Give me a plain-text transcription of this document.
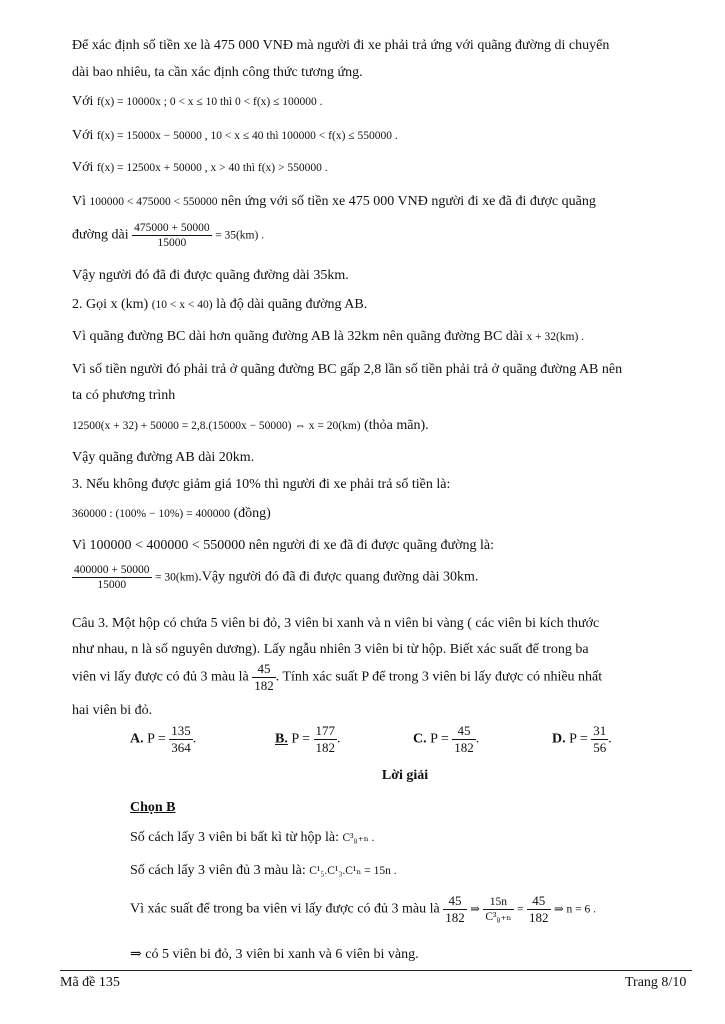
Để xác định số tiền xe là 475 000 VNĐ mà người đi xe phải trả ứng với quãng đường di chuyển
dài bao nhiêu, ta cần xác định công thức tương ứng.
Với f(x) = 10000x ; 0 < x ≤ 10 thì 0 < f(x) ≤ 100000 .
Với f(x) = 15000x − 50000 , 10 < x ≤ 40 thì 100000 < f(x) ≤ 550000 .
Với f(x) = 12500x + 50000 , x > 40 thì f(x) > 550000 .
Vì 100000 < 475000 < 550000 nên ứng với số tiền xe 475 000 VNĐ người đi xe đã đi được quãng
đường dài $\frac{475000 + 50000}{15000} = 35(km)$ .
Vậy người đó đã đi được quãng đường dài 35km.
2. Gọi x (km) (10 < x < 40) là độ dài quãng đường AB.
Vì quãng đường BC dài hơn quãng đường AB là 32km nên quãng đường BC dài x + 32(km) .
Vì số tiền người đó phải trả ở quãng đường BC gấp 2,8 lần số tiền phải trả ở quãng đường AB nên
ta có phương trình
12500(x + 32) + 50000 = 2,8.(15000x − 50000) ⇔ x = 20(km) (thỏa mãn).
Vậy quãng đường AB dài 20km.
3. Nếu không được giảm giá 10% thì người đi xe phải trả số tiền là:
360000 : (100% − 10%) = 400000 (đồng)
Vì 100000 < 400000 < 550000 nên người đi xe đã đi được quãng đường là:
$\frac{400000 + 50000}{15000}$ = 30(km).Vậy người đó đã đi được quang đường dài 30km.
Câu 3. Một hộp có chứa 5 viên bi đỏ, 3 viên bi xanh và n viên bi vàng ( các viên bi kích thước
như nhau, n là số nguyên dương). Lấy ngẫu nhiên 3 viên bi từ hộp. Biết xác suất để trong ba
viên vi lấy được có đủ 3 màu là $\frac{45}{182}$ . Tính xác suất P để trong 3 viên bi lấy được có nhiều nhất
hai viên bi đỏ.
A. $P = \frac{135}{364}$ .	B. $P = \frac{177}{182}$ .	C. $P = \frac{45}{182}$ .	D. $P = \frac{31}{56}$ .
Lời giải
Chọn B
Số cách lấy 3 viên bi bất kì từ hộp là: C³₈₊ₙ .
Số cách lấy 3 viên đủ 3 màu là: C¹₅.C¹₃.C¹ₙ = 15n .
Vì xác suất để trong ba viên vi lấy được có đủ 3 màu là $\frac{45}{182}$ ⇒ $\frac{15n}{\text{C³₈₊ₙ}} = \frac{45}{182}$ ⇒ n = 6 .
⇒ có 5 viên bi đỏ, 3 viên bi xanh và 6 viên bi vàng.
Mã đề 135	Trang 8/10
